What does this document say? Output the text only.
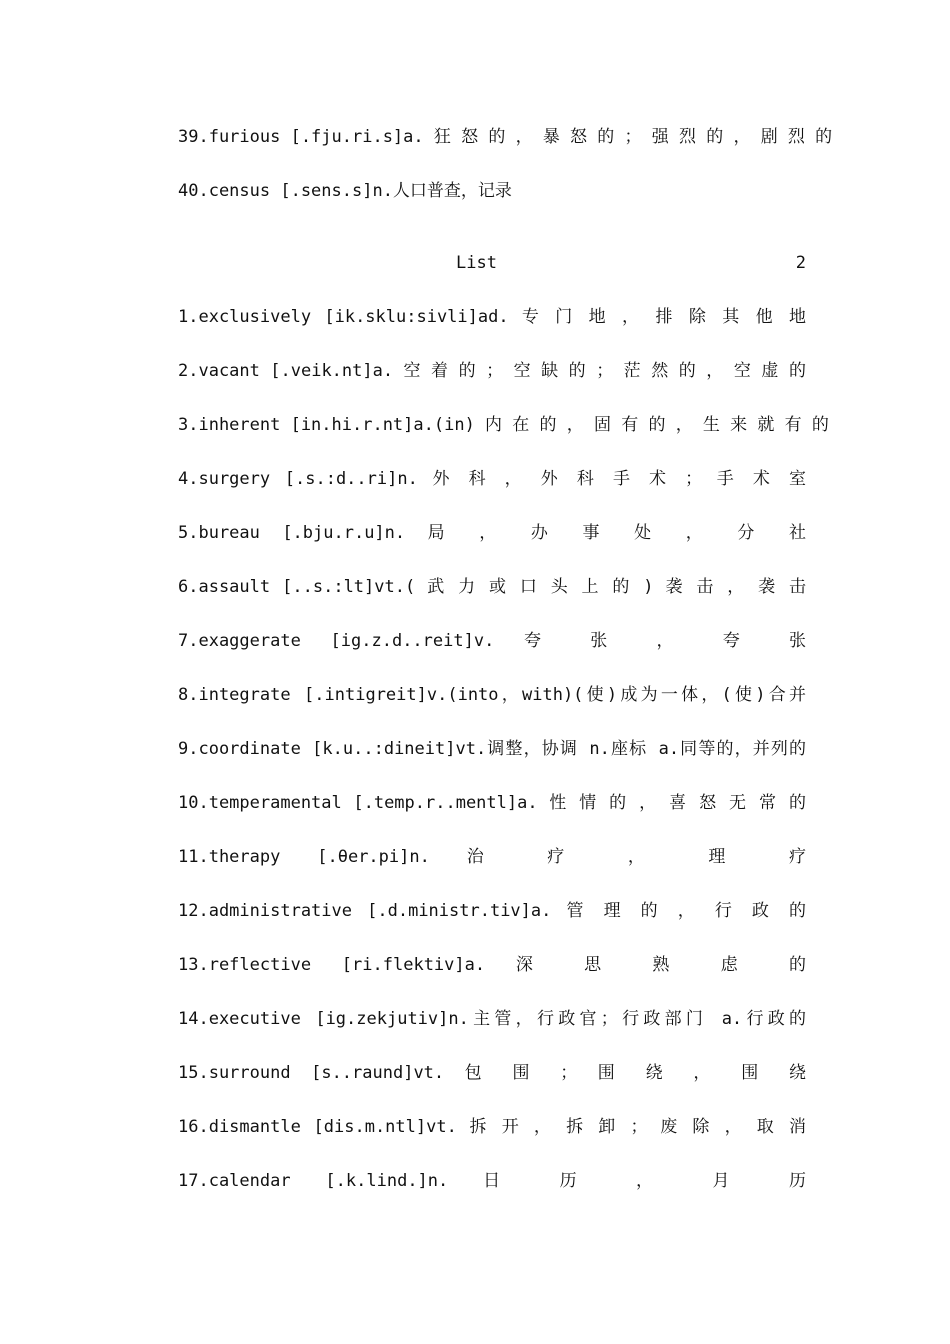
39.furious [.fju.ri.s]a. 狂 怒 的 ， 暴 怒 的 ； 强 烈 的 ， 剧 烈 的
40.census [.sens.s]n.人口普查，记录
List	2
1.exclusively [ik.sklu:sivli]ad. 专 门 地 ， 排 除 其 他 地
2.vacant [.veik.nt]a. 空 着 的 ； 空 缺 的 ； 茫 然 的 ， 空 虚 的
3.inherent [in.hi.r.nt]a.(in) 内 在 的 ， 固 有 的 ， 生 来 就 有 的
4.surgery [.s.:d..ri]n. 外 科 ， 外 科 手 术 ； 手 术 室
5.bureau [.bju.r.u]n. 局 ， 办 事 处 ， 分 社
6.assault [..s.:lt]vt.( 武 力 或 口 头 上 的 ) 袭 击 ， 袭 击
7.exaggerate [ig.z.d..reit]v. 夸 张 ， 夸 张
8.integrate [.intigreit]v.(into，with)(使)成为一体，(使)合并
9.coordinate [k.u..:dineit]vt.调整，协调 n.座标 a.同等的，并列的
10.temperamental [.temp.r..mentl]a. 性 情 的 ， 喜 怒 无 常 的
11.therapy [.θer.pi]n. 治 疗 ， 理 疗
12.administrative [.d.ministr.tiv]a. 管 理 的 ， 行 政 的
13.reflective [ri.flektiv]a. 深 思 熟 虑 的
14.executive [ig.zekjutiv]n.主管，行政官；行政部门 a.行政的
15.surround [s..raund]vt. 包 围 ； 围 绕 ， 围 绕
16.dismantle [dis.m.ntl]vt. 拆 开 ， 拆 卸 ； 废 除 ， 取 消
17.calendar [.k.lind.]n. 日 历 ， 月 历
